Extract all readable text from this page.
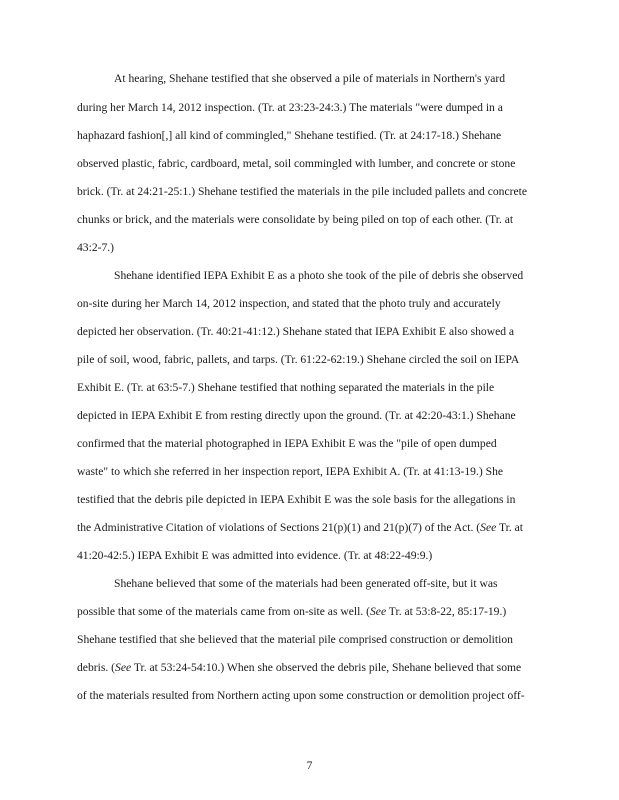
At hearing, Shehane testified that she observed a pile of materials in Northern's yard
during her March 14, 2012 inspection. (Tr. at 23:23-24:3.) The materials "were dumped in a
haphazard fashion[,] all kind of commingled," Shehane testified. (Tr. at 24:17-18.) Shehane
observed plastic, fabric, cardboard, metal, soil commingled with lumber, and concrete or stone
brick. (Tr. at 24:21-25:1.) Shehane testified the materials in the pile included pallets and concrete
chunks or brick, and the materials were consolidate by being piled on top of each other. (Tr. at
43:2-7.)
Shehane identified IEPA Exhibit E as a photo she took of the pile of debris she observed
on-site during her March 14, 2012 inspection, and stated that the photo truly and accurately
depicted her observation. (Tr. 40:21-41:12.) Shehane stated that IEPA Exhibit E also showed a
pile of soil, wood, fabric, pallets, and tarps. (Tr. 61:22-62:19.) Shehane circled the soil on IEPA
Exhibit E. (Tr. at 63:5-7.) Shehane testified that nothing separated the materials in the pile
depicted in IEPA Exhibit E from resting directly upon the ground. (Tr. at 42:20-43:1.) Shehane
confirmed that the material photographed in IEPA Exhibit E was the "pile of open dumped
waste" to which she referred in her inspection report, IEPA Exhibit A. (Tr. at 41:13-19.) She
testified that the debris pile depicted in IEPA Exhibit E was the sole basis for the allegations in
the Administrative Citation of violations of Sections 21(p)(1) and 21(p)(7) of the Act. (See Tr. at
41:20-42:5.) IEPA Exhibit E was admitted into evidence. (Tr. at 48:22-49:9.)
Shehane believed that some of the materials had been generated off-site, but it was
possible that some of the materials came from on-site as well. (See Tr. at 53:8-22, 85:17-19.)
Shehane testified that she believed that the material pile comprised construction or demolition
debris. (See Tr. at 53:24-54:10.) When she observed the debris pile, Shehane believed that some
of the materials resulted from Northern acting upon some construction or demolition project off-
7
